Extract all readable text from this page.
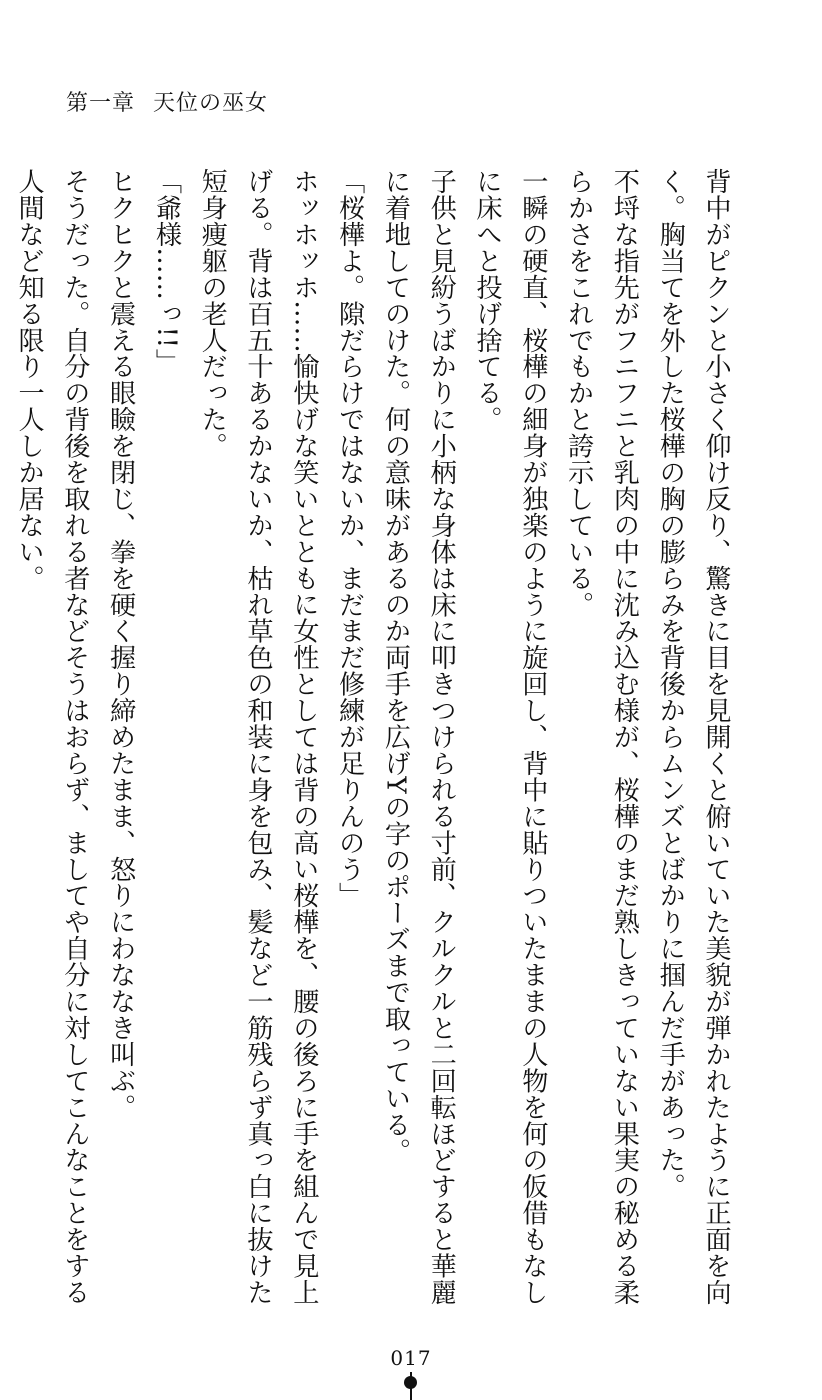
第一章 天位の巫女

背中がピクンと小さく仰け反り、驚きに目を見開くと俯いていた美貌が弾かれたように正面を向く。胸当てを外した桜樺の胸の膨らみを背後からムンズとばかりに掴んだ手があった。

不埒な指先がフニフニと乳肉の中に沈み込む様が、桜樺のまだ熟しきっていない果実の秘める柔らかさをこれでもかと誇示している。

一瞬の硬直、桜樺の細身が独楽のように旋回し、背中に貼りついたままの人物を何の仮借もなしに床へと投げ捨てる。

子供と見紛うばかりに小柄な身体は床に叩きつけられる寸前、クルクルと二回転ほどすると華麗に着地してのけた。何の意味があるのか両手を広げYの字のポーズまで取っている。

「桜樺よ。隙だらけではないか、まだまだ修練が足りんのう」

ホッホッホ……愉快げな笑いとともに女性としては背の高い桜樺を、腰の後ろに手を組んで見上げる。背は百五十あるかないか、枯れ草色の和装に身を包み、髪など一筋残らず真っ白に抜けた短身痩躯の老人だった。

「爺様……っ!!」

ヒクヒクと震える眼瞼を閉じ、拳を硬く握り締めたまま、怒りにわななき叫ぶ。

そうだった。自分の背後を取れる者などそうはおらず、ましてや自分に対してこんなことをする人間など知る限り一人しか居ない。

017
